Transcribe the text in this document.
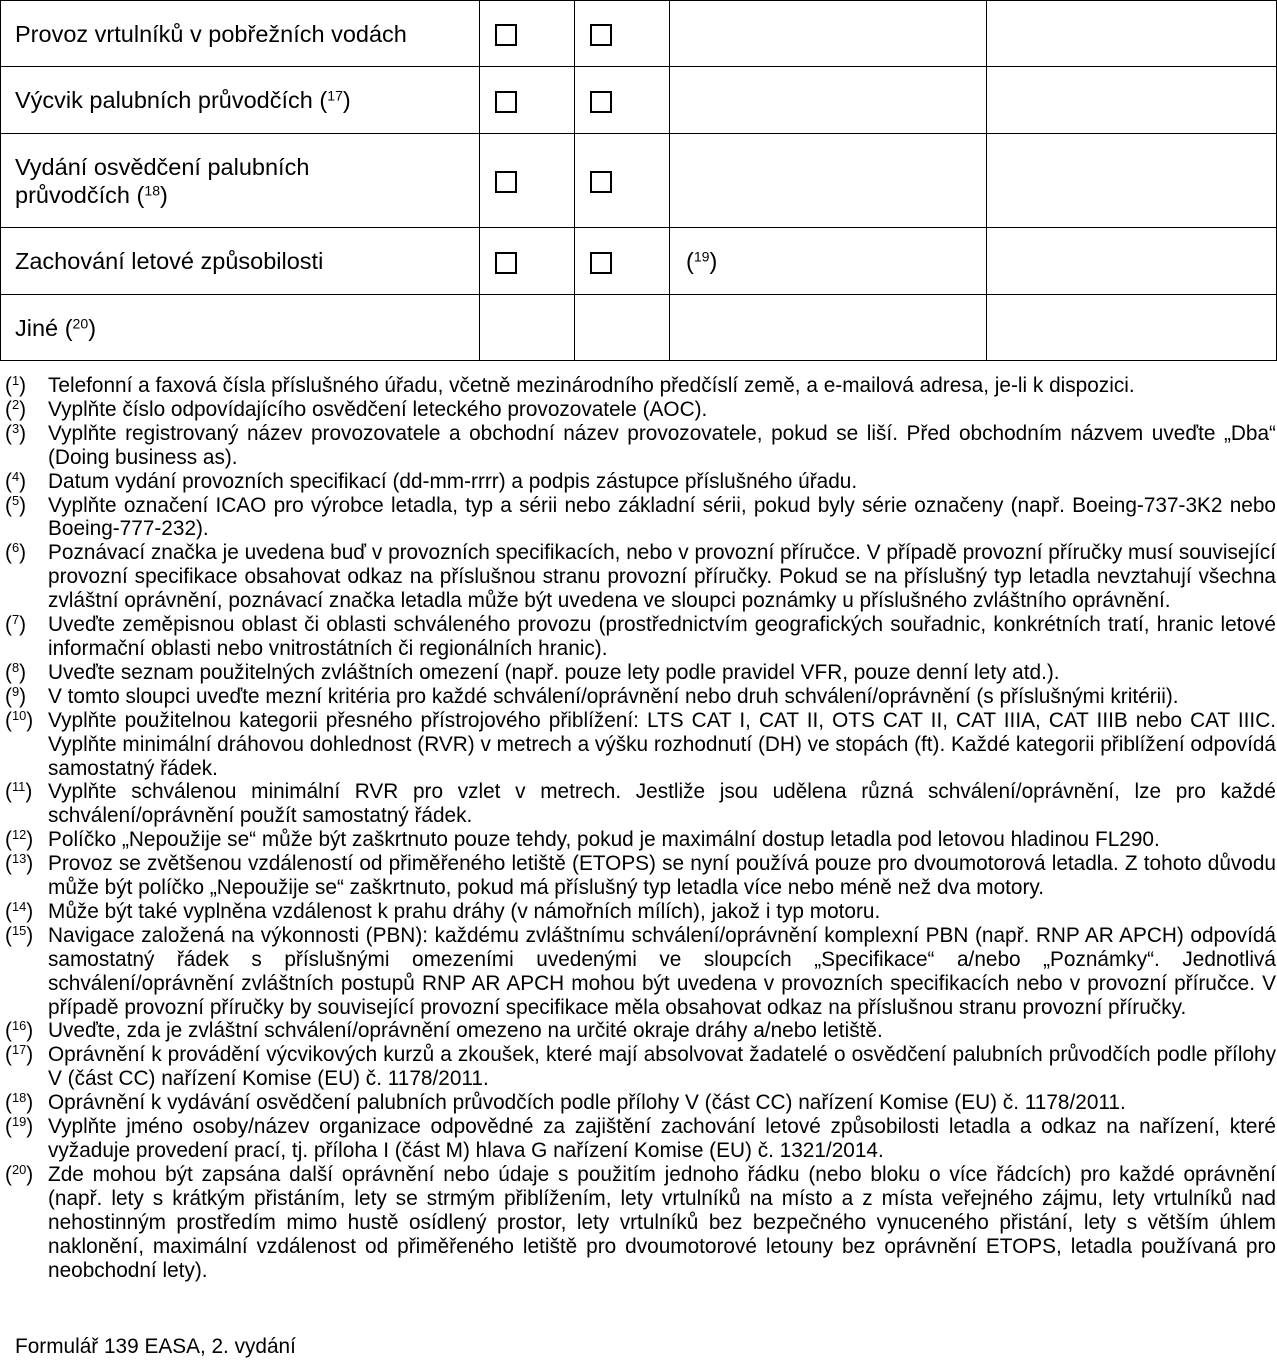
Provoz vrtulníků v pobřežních vodách
Výcvik palubních průvodčích ($^{17}$)
Vydání osvědčení palubních průvodčích ($^{18}$)
Zachování letové způsobilosti	($^{19}$)
Jiné ($^{20}$)
($^1$)	Telefonní a faxová čísla příslušného úřadu, včetně mezinárodního předčíslí země, a e-mailová adresa, je-li k dispozici.
($^2$)	Vyplňte číslo odpovídajícího osvědčení leteckého provozovatele (AOC).
($^3$)	Vyplňte registrovaný název provozovatele a obchodní název provozovatele, pokud se liší. Před obchodním názvem uveďte „Dba“ (Doing business as).
($^4$)	Datum vydání provozních specifikací (dd-mm-rrrr) a podpis zástupce příslušného úřadu.
($^5$)	Vyplňte označení ICAO pro výrobce letadla, typ a sérii nebo základní sérii, pokud byly série označeny (např. Boeing-737-3K2 nebo Boeing-777-232).
($^6$)	Poznávací značka je uvedena buď v provozních specifikacích, nebo v provozní příručce. V případě provozní příručky musí související provozní specifikace obsahovat odkaz na příslušnou stranu provozní příručky. Pokud se na příslušný typ letadla nevztahují všechna zvláštní oprávnění, poznávací značka letadla může být uvedena ve sloupci poznámky u příslušného zvláštního oprávnění.
($^7$)	Uveďte zeměpisnou oblast či oblasti schváleného provozu (prostřednictvím geografických souřadnic, konkrétních tratí, hranic letové informační oblasti nebo vnitrostátních či regionálních hranic).
($^8$)	Uveďte seznam použitelných zvláštních omezení (např. pouze lety podle pravidel VFR, pouze denní lety atd.).
($^9$)	V tomto sloupci uveďte mezní kritéria pro každé schválení/oprávnění nebo druh schválení/oprávnění (s příslušnými kritérii).
($^{10}$) Vyplňte použitelnou kategorii přesného přístrojového přiblížení: LTS CAT I, CAT II, OTS CAT II, CAT IIIA, CAT IIIB nebo CAT IIIC. Vyplňte minimální dráhovou dohlednost (RVR) v metrech a výšku rozhodnutí (DH) ve stopách (ft). Každé kategorii přiblížení odpovídá samostatný řádek.
($^{11}$) Vyplňte schválenou minimální RVR pro vzlet v metrech. Jestliže jsou udělena různá schválení/oprávnění, lze pro každé schválení/oprávnění použít samostatný řádek.
($^{12}$) Políčko „Nepoužije se“ může být zaškrtnuto pouze tehdy, pokud je maximální dostup letadla pod letovou hladinou FL290.
($^{13}$) Provoz se zvětšenou vzdáleností od přiměřeného letiště (ETOPS) se nyní používá pouze pro dvoumotorová letadla. Z tohoto důvodu může být políčko „Nepoužije se“ zaškrtnuto, pokud má příslušný typ letadla více nebo méně než dva motory.
($^{14}$) Může být také vyplněna vzdálenost k prahu dráhy (v námořních mílích), jakož i typ motoru.
($^{15}$) Navigace založená na výkonnosti (PBN): každému zvláštnímu schválení/oprávnění komplexní PBN (např. RNP AR APCH) odpovídá samostatný řádek s příslušnými omezeními uvedenými ve sloupcích „Specifikace“ a/nebo „Poznámky“. Jednotlivá schválení/oprávnění zvláštních postupů RNP AR APCH mohou být uvedena v provozních specifikacích nebo v provozní příručce. V případě provozní příručky by související provozní specifikace měla obsahovat odkaz na příslušnou stranu provozní příručky.
($^{16}$) Uveďte, zda je zvláštní schválení/oprávnění omezeno na určité okraje dráhy a/nebo letiště.
($^{17}$) Oprávnění k provádění výcvikových kurzů a zkoušek, které mají absolvovat žadatelé o osvědčení palubních průvodčích podle přílohy V (část CC) nařízení Komise (EU) č. 1178/2011.
($^{18}$) Oprávnění k vydávání osvědčení palubních průvodčích podle přílohy V (část CC) nařízení Komise (EU) č. 1178/2011.
($^{19}$) Vyplňte jméno osoby/název organizace odpovědné za zajištění zachování letové způsobilosti letadla a odkaz na nařízení, které vyžaduje provedení prací, tj. příloha I (část M) hlava G nařízení Komise (EU) č. 1321/2014.
($^{20}$) Zde mohou být zapsána další oprávnění nebo údaje s použitím jednoho řádku (nebo bloku o více řádcích) pro každé oprávnění (např. lety s krátkým přistáním, lety se strmým přiblížením, lety vrtulníků na místo a z místa veřejného zájmu, lety vrtulníků nad nehostinným prostředím mimo hustě osídlený prostor, lety vrtulníků bez bezpečného vynuceného přistání, lety s větším úhlem naklonění, maximální vzdálenost od přiměřeného letiště pro dvoumotorové letouny bez oprávnění ETOPS, letadla používaná pro neobchodní lety).
Formulář 139 EASA, 2. vydání
